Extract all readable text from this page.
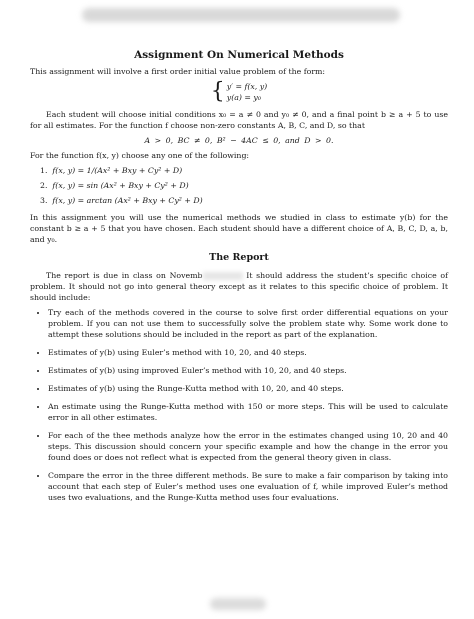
Assignment On Numerical Methods

This assignment will involve a first order initial value problem of the form:

{ y′ = f(x, y)
y(a) = y₀

Each student will choose initial conditions x₀ = a ≠ 0 and y₀ ≠ 0, and a final point b ≥ a + 5 to use for all estimates. For the function f choose non-zero constants A, B, C, and D, so that

A > 0, BC ≠ 0, B² − 4AC ≤ 0, and D > 0.

For the function f(x, y) choose any one of the following:

1. f(x, y) = 1/(Ax² + Bxy + Cy² + D)
2. f(x, y) = sin (Ax² + Bxy + Cy² + D)
3. f(x, y) = arctan (Ax² + Bxy + Cy² + D)

In this assignment you will use the numerical methods we studied in class to estimate y(b) for the constant b ≥ a + 5 that you have chosen. Each student should have a different choice of A, B, C, D, a, b, and y₀.

The Report

The report is due in class on Novemb	It should address the student’s specific choice of problem. It should not go into general theory except as it relates to this specific choice of problem. It should include:

• Try each of the methods covered in the course to solve first order differential equations on your problem. If you can not use them to successfully solve the problem state why. Some work done to attempt these solutions should be included in the report as part of the explanation.
• Estimates of y(b) using Euler’s method with 10, 20, and 40 steps.
• Estimates of y(b) using improved Euler’s method with 10, 20, and 40 steps.
• Estimates of y(b) using the Runge-Kutta method with 10, 20, and 40 steps.
• An estimate using the Runge-Kutta method with 150 or more steps. This will be used to calculate error in all other estimates.
• For each of the thee methods analyze how the error in the estimates changed using 10, 20 and 40 steps. This discussion should concern your specific example and how the change in the error you found does or does not reflect what is expected from the general theory given in class.
• Compare the error in the three different methods. Be sure to make a fair comparison by taking into account that each step of Euler’s method uses one evaluation of f, while improved Euler’s method uses two evaluations, and the Runge-Kutta method uses four evaluations.
